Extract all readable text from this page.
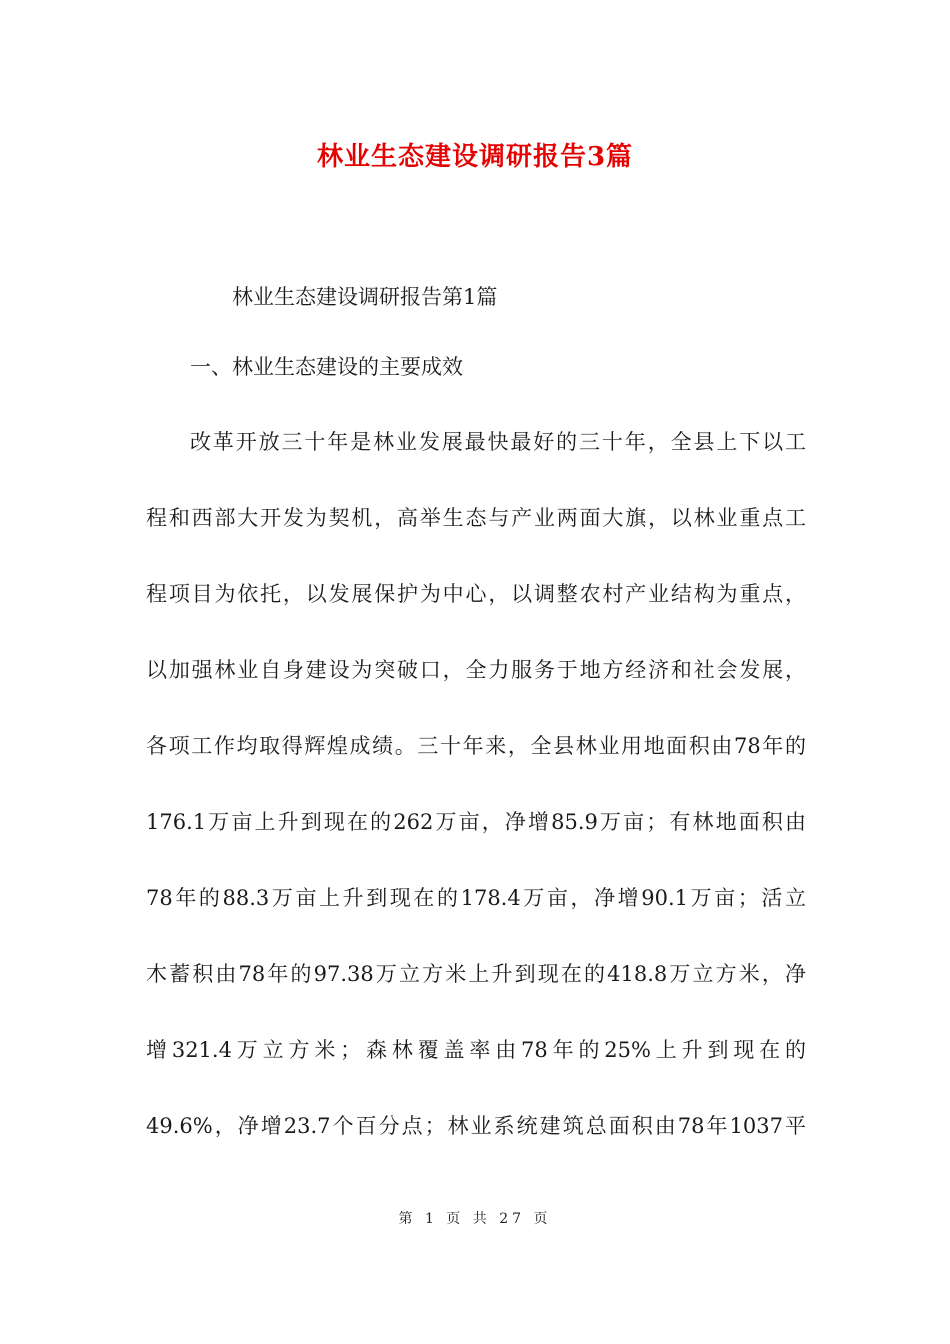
林业生态建设调研报告3篇
林业生态建设调研报告第1篇
一、林业生态建设的主要成效
改革开放三十年是林业发展最快最好的三十年，全县上下以工
程和西部大开发为契机，高举生态与产业两面大旗，以林业重点工
程项目为依托，以发展保护为中心，以调整农村产业结构为重点，
以加强林业自身建设为突破口，全力服务于地方经济和社会发展，
各项工作均取得辉煌成绩。三十年来，全县林业用地面积由78年的
176.1万亩上升到现在的262万亩，净增85.9万亩；有林地面积由
78年的88.3万亩上升到现在的178.4万亩，净增90.1万亩；活立
木蓄积由78年的97.38万立方米上升到现在的418.8万立方米，净
增321.4万立方米；森林覆盖率由78年的25%上升到现在的
49.6%，净增23.7个百分点；林业系统建筑总面积由78年1037平
第 1 页 共 27 页
